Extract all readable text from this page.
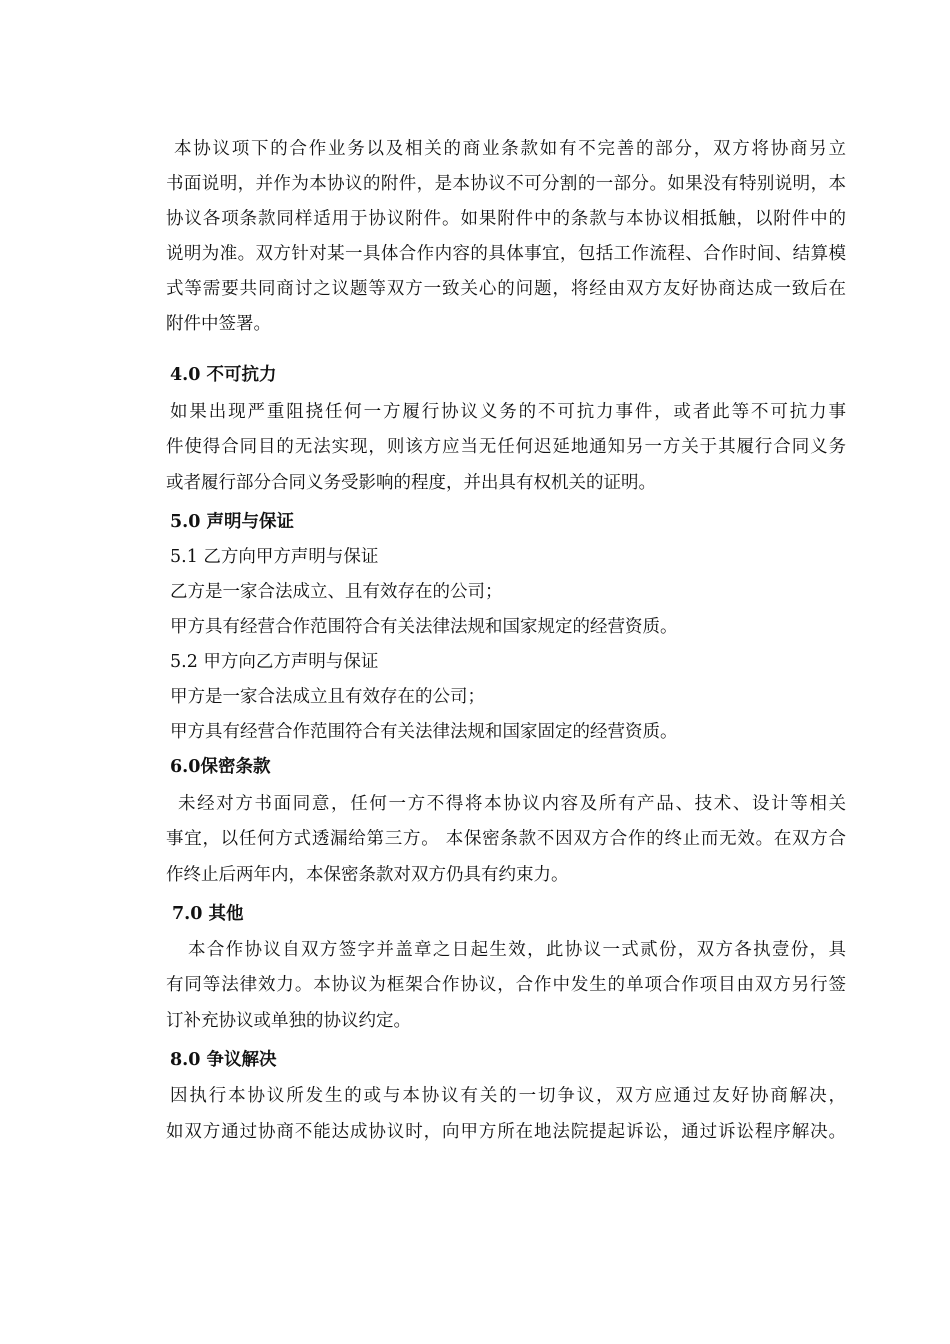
本协议项下的合作业务以及相关的商业条款如有不完善的部分，双方将协商另立
书面说明，并作为本协议的附件，是本协议不可分割的一部分。如果没有特别说明，本
协议各项条款同样适用于协议附件。如果附件中的条款与本协议相抵触，以附件中的
说明为准。双方针对某一具体合作内容的具体事宜，包括工作流程、合作时间、结算模
式等需要共同商讨之议题等双方一致关心的问题，将经由双方友好协商达成一致后在
附件中签署。
4.0 不可抗力
如果出现严重阻挠任何一方履行协议义务的不可抗力事件，或者此等不可抗力事
件使得合同目的无法实现，则该方应当无任何迟延地通知另一方关于其履行合同义务
或者履行部分合同义务受影响的程度，并出具有权机关的证明。
5.0 声明与保证
5.1 乙方向甲方声明与保证
乙方是一家合法成立、且有效存在的公司；
甲方具有经营合作范围符合有关法律法规和国家规定的经营资质。
5.2 甲方向乙方声明与保证
甲方是一家合法成立且有效存在的公司；
甲方具有经营合作范围符合有关法律法规和国家固定的经营资质。
6.0保密条款
未经对方书面同意，任何一方不得将本协议内容及所有产品、技术、设计等相关
事宜，以任何方式透漏给第三方。 本保密条款不因双方合作的终止而无效。在双方合
作终止后两年内，本保密条款对双方仍具有约束力。
7.0 其他
本合作协议自双方签字并盖章之日起生效，此协议一式贰份，双方各执壹份，具
有同等法律效力。本协议为框架合作协议，合作中发生的单项合作项目由双方另行签
订补充协议或单独的协议约定。
8.0 争议解决
因执行本协议所发生的或与本协议有关的一切争议，双方应通过友好协商解决，
如双方通过协商不能达成协议时，向甲方所在地法院提起诉讼，通过诉讼程序解决。
